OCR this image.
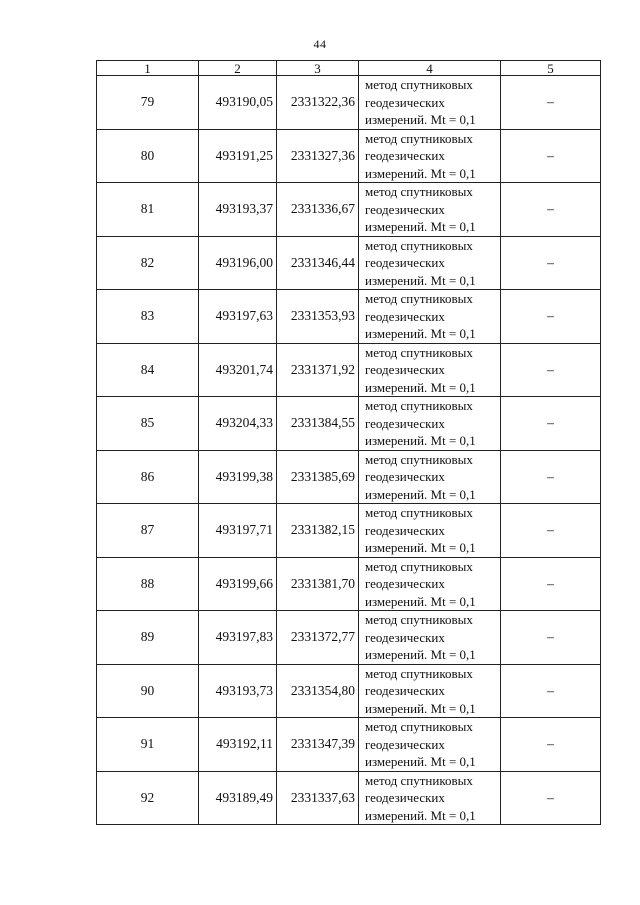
44
1	2	3	4	5
79	493190,05	2331322,36	метод спутниковых
геодезических
измерений. Mt = 0,1	–
80	493191,25	2331327,36	метод спутниковых
геодезических
измерений. Mt = 0,1	–
81	493193,37	2331336,67	метод спутниковых
геодезических
измерений. Mt = 0,1	–
82	493196,00	2331346,44	метод спутниковых
геодезических
измерений. Mt = 0,1	–
83	493197,63	2331353,93	метод спутниковых
геодезических
измерений. Mt = 0,1	–
84	493201,74	2331371,92	метод спутниковых
геодезических
измерений. Mt = 0,1	–
85	493204,33	2331384,55	метод спутниковых
геодезических
измерений. Mt = 0,1	–
86	493199,38	2331385,69	метод спутниковых
геодезических
измерений. Mt = 0,1	–
87	493197,71	2331382,15	метод спутниковых
геодезических
измерений. Mt = 0,1	–
88	493199,66	2331381,70	метод спутниковых
геодезических
измерений. Mt = 0,1	–
89	493197,83	2331372,77	метод спутниковых
геодезических
измерений. Mt = 0,1	–
90	493193,73	2331354,80	метод спутниковых
геодезических
измерений. Mt = 0,1	–
91	493192,11	2331347,39	метод спутниковых
геодезических
измерений. Mt = 0,1	–
92	493189,49	2331337,63	метод спутниковых
геодезических
измерений. Mt = 0,1	–
